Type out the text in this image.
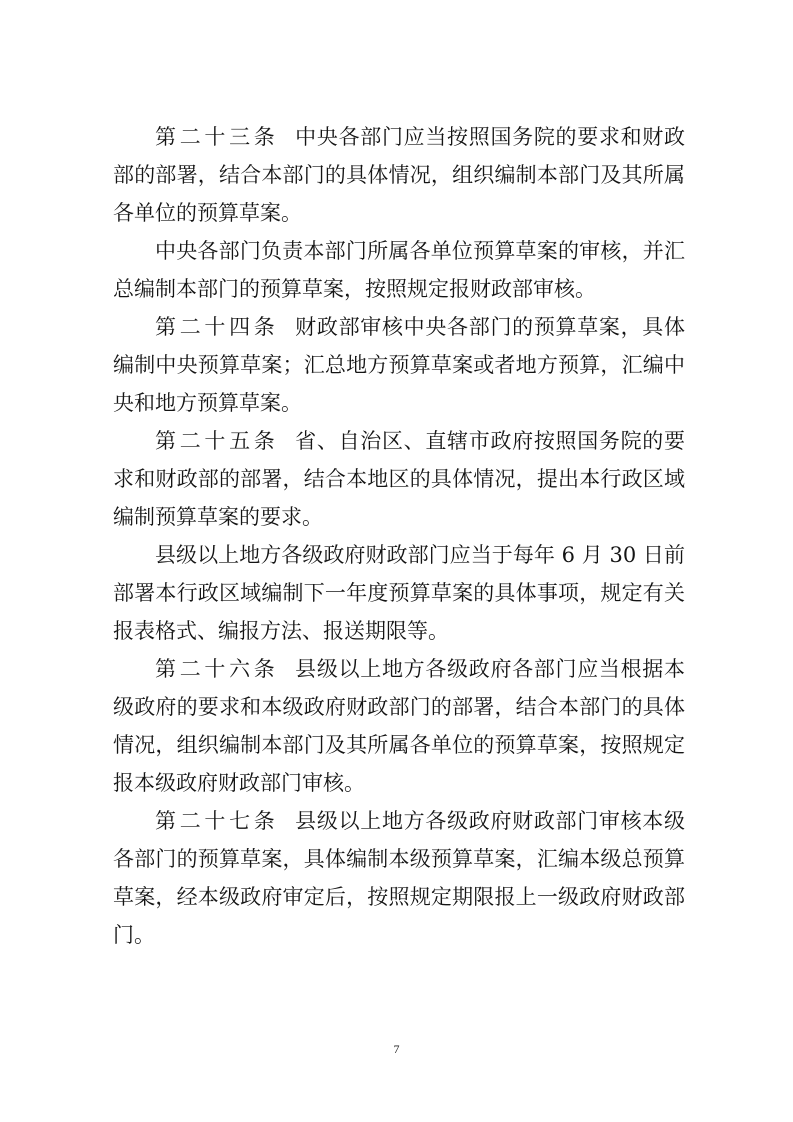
第二十三条 中央各部门应当按照国务院的要求和财政部的部署，结合本部门的具体情况，组织编制本部门及其所属各单位的预算草案。

中央各部门负责本部门所属各单位预算草案的审核，并汇总编制本部门的预算草案，按照规定报财政部审核。

第二十四条 财政部审核中央各部门的预算草案，具体编制中央预算草案；汇总地方预算草案或者地方预算，汇编中央和地方预算草案。

第二十五条 省、自治区、直辖市政府按照国务院的要求和财政部的部署，结合本地区的具体情况，提出本行政区域编制预算草案的要求。

县级以上地方各级政府财政部门应当于每年 6 月 30 日前部署本行政区域编制下一年度预算草案的具体事项，规定有关报表格式、编报方法、报送期限等。

第二十六条 县级以上地方各级政府各部门应当根据本级政府的要求和本级政府财政部门的部署，结合本部门的具体情况，组织编制本部门及其所属各单位的预算草案，按照规定报本级政府财政部门审核。

第二十七条 县级以上地方各级政府财政部门审核本级各部门的预算草案，具体编制本级预算草案，汇编本级总预算草案，经本级政府审定后，按照规定期限报上一级政府财政部门。

7
